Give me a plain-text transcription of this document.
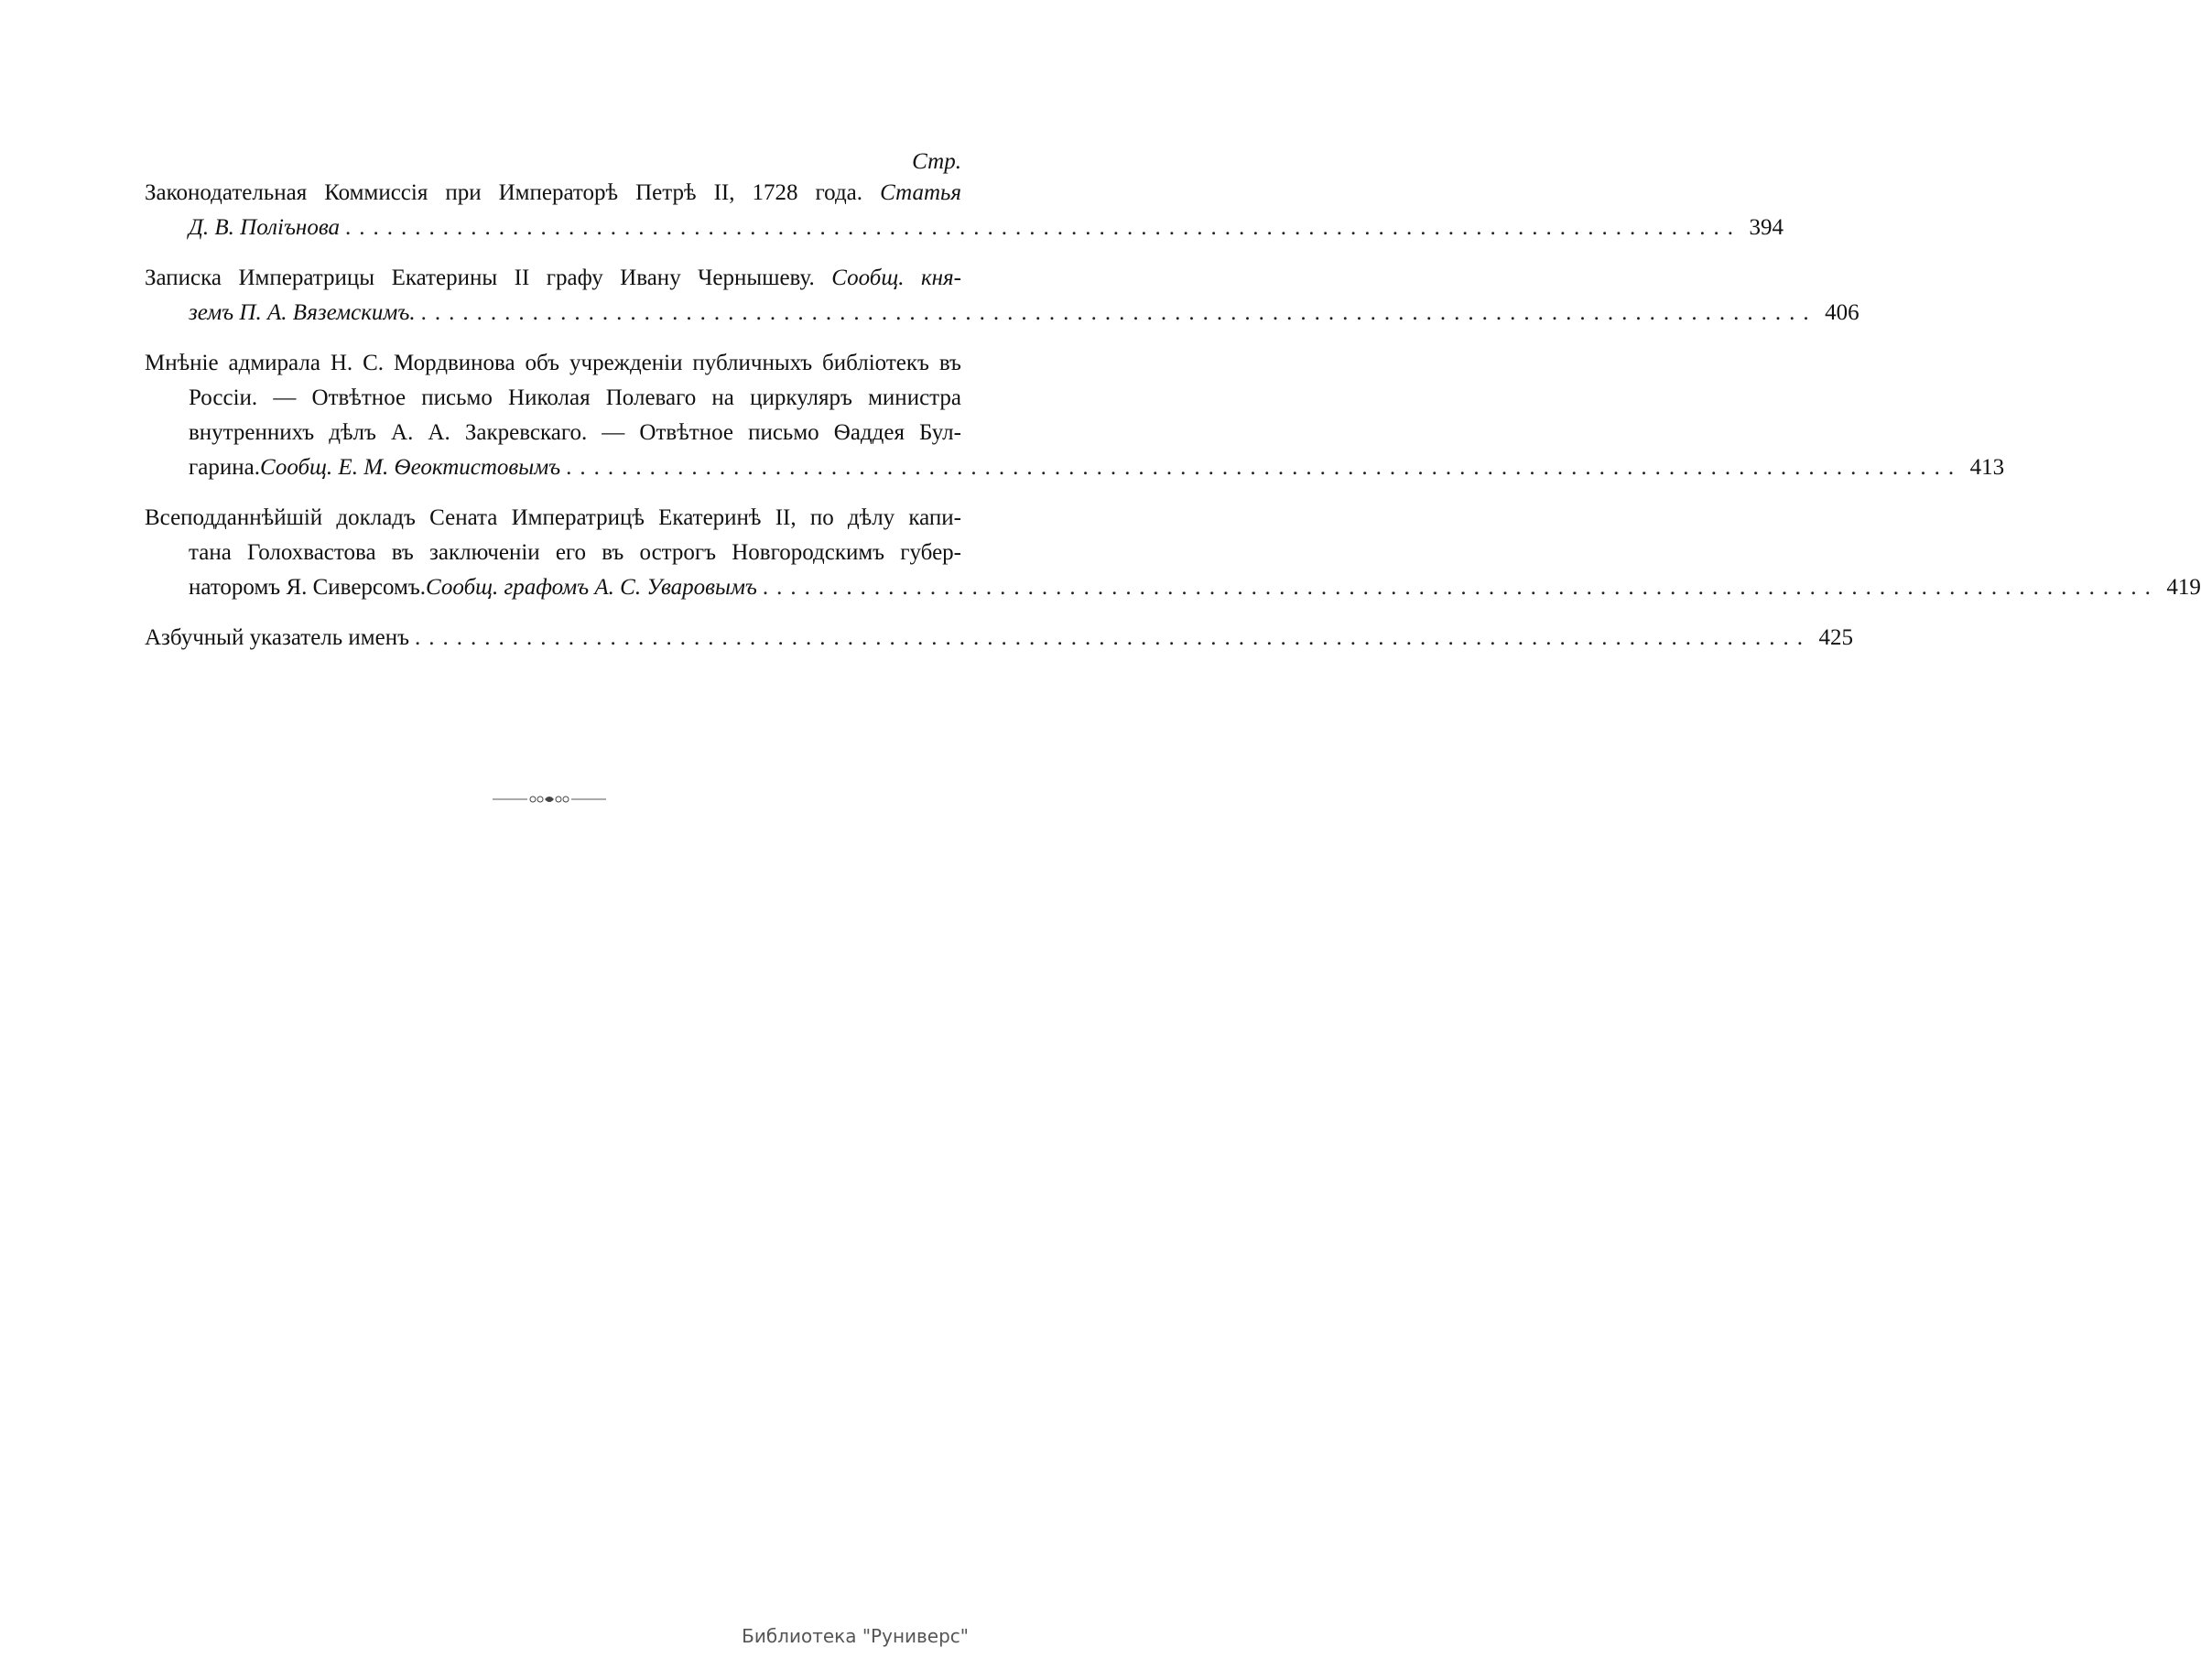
Стр.
Законодательная Коммиссія при Императорѣ Петрѣ II, 1728 года. Статья
Д. В. Поліънова .................................................................................................... 394
Записка Императрицы Екатерины II графу Ивану Чернышеву. Сообщ. кня-
земъ П. А. Вяземскимъ. .................................................................................................... 406
Мнѣніе адмирала Н. С. Мордвинова объ учрежденіи публичныхъ библіотекъ въ
Россіи. — Отвѣтное письмо Николая Полеваго на циркуляръ министра
внутреннихъ дѣлъ А. А. Закревскаго. — Отвѣтное письмо Ѳаддея Бул-
гарина. Сообщ. Е. М. Ѳеоктистовымъ .................................................................................................... 413
Всеподданнѣйшій докладъ Сената Императрицѣ Екатеринѣ II, по дѣлу капи-
тана Голохвастова въ заключеніи его въ острогъ Новгородскимъ губер-
наторомъ Я. Сиверсомъ. Сообщ. графомъ А. С. Уваровымъ .................................................................................................... 419
Азбучный указатель именъ .................................................................................................... 425
Библиотека "Руниверс"
